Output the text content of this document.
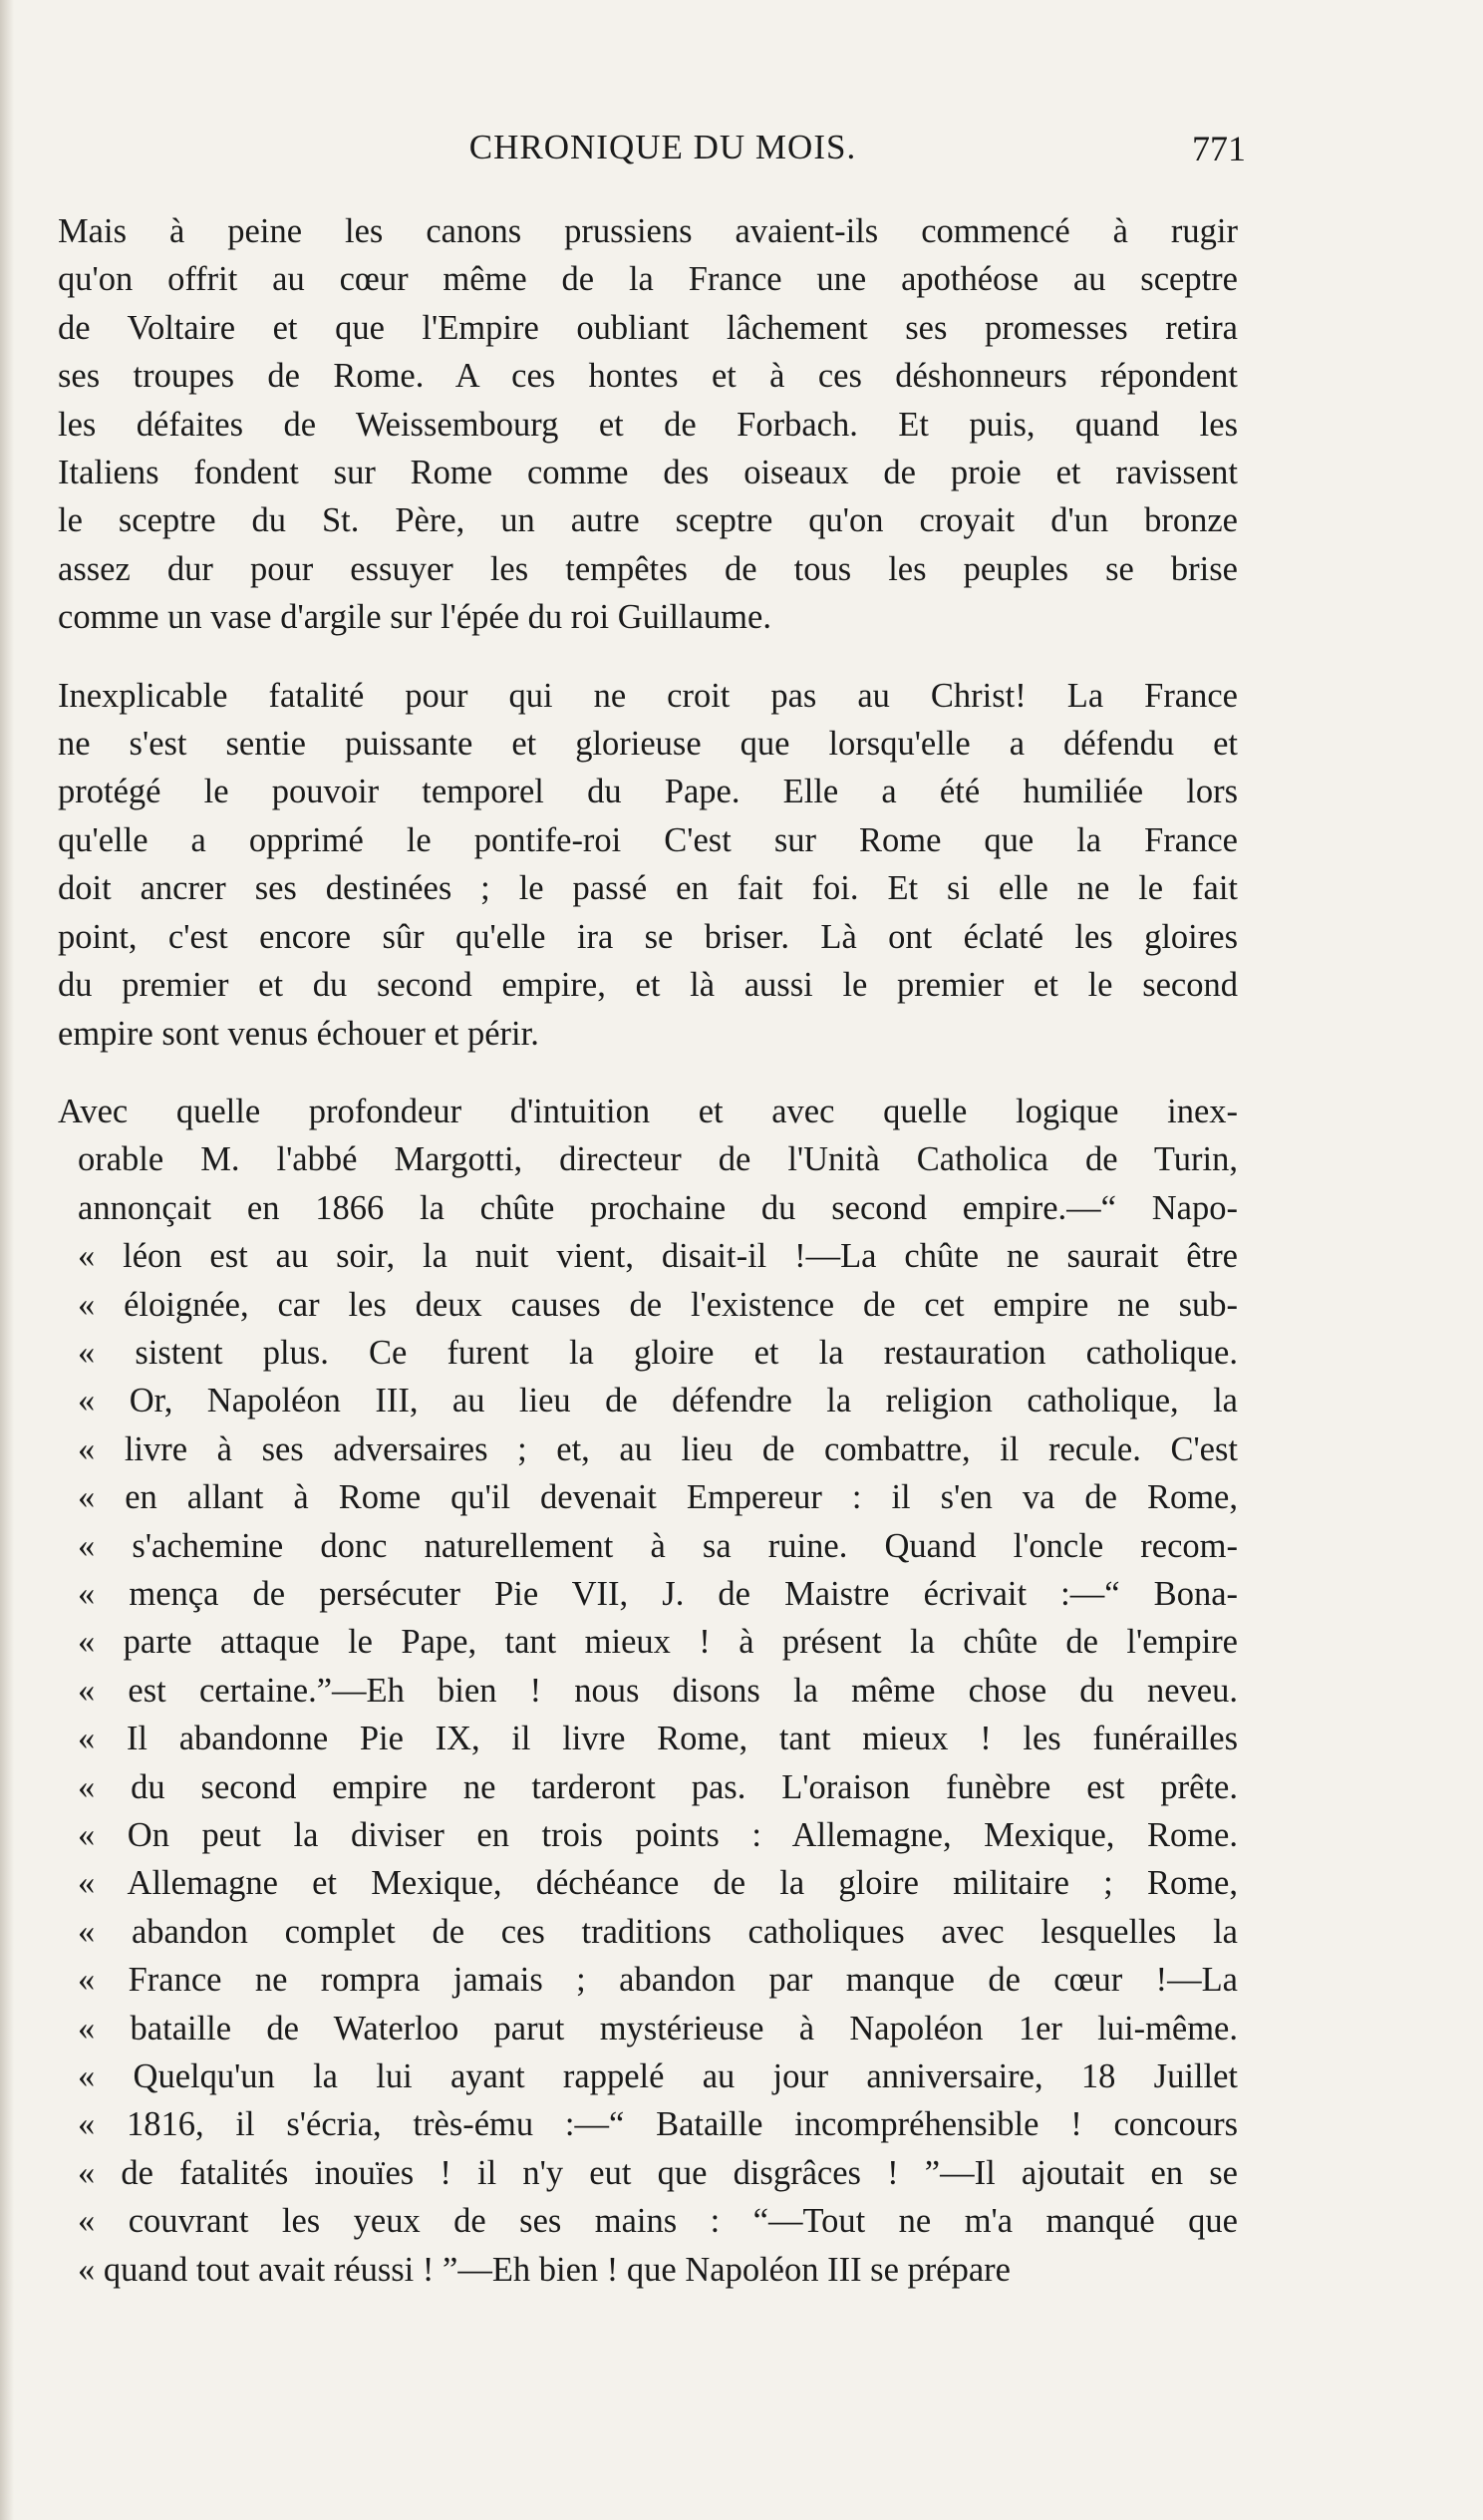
CHRONIQUE DU MOIS.	771
Mais à peine les canons prussiens avaient-ils commencé à rugir
qu'on offrit au cœur même de la France une apothéose au sceptre
de Voltaire et que l'Empire oubliant lâchement ses promesses retira
ses troupes de Rome. A ces hontes et à ces déshonneurs répondent
les défaites de Weissembourg et de Forbach. Et puis, quand les
Italiens fondent sur Rome comme des oiseaux de proie et ravissent
le sceptre du St. Père, un autre sceptre qu'on croyait d'un bronze
assez dur pour essuyer les tempêtes de tous les peuples se brise
comme un vase d'argile sur l'épée du roi Guillaume.
Inexplicable fatalité pour qui ne croit pas au Christ! La France
ne s'est sentie puissante et glorieuse que lorsqu'elle a défendu et
protégé le pouvoir temporel du Pape. Elle a été humiliée lors
qu'elle a opprimé le pontife-roi C'est sur Rome que la France
doit ancrer ses destinées ; le passé en fait foi. Et si elle ne le fait
point, c'est encore sûr qu'elle ira se briser. Là ont éclaté les gloires
du premier et du second empire, et là aussi le premier et le second
empire sont venus échouer et périr.
Avec quelle profondeur d'intuition et avec quelle logique inex-
orable M. l'abbé Margotti, directeur de l'Unità Catholica de Turin,
annonçait en 1866 la chûte prochaine du second empire.—“ Napo-
« léon est au soir, la nuit vient, disait-il !—La chûte ne saurait être
« éloignée, car les deux causes de l'existence de cet empire ne sub-
« sistent plus. Ce furent la gloire et la restauration catholique.
« Or, Napoléon III, au lieu de défendre la religion catholique, la
« livre à ses adversaires ; et, au lieu de combattre, il recule. C'est
« en allant à Rome qu'il devenait Empereur : il s'en va de Rome,
« s'achemine donc naturellement à sa ruine. Quand l'oncle recom-
« mença de persécuter Pie VII, J. de Maistre écrivait :—“ Bona-
« parte attaque le Pape, tant mieux ! à présent la chûte de l'empire
« est certaine.”—Eh bien ! nous disons la même chose du neveu.
« Il abandonne Pie IX, il livre Rome, tant mieux ! les funérailles
« du second empire ne tarderont pas. L'oraison funèbre est prête.
« On peut la diviser en trois points : Allemagne, Mexique, Rome.
« Allemagne et Mexique, déchéance de la gloire militaire ; Rome,
« abandon complet de ces traditions catholiques avec lesquelles la
« France ne rompra jamais ; abandon par manque de cœur !—La
« bataille de Waterloo parut mystérieuse à Napoléon 1er lui-même.
« Quelqu'un la lui ayant rappelé au jour anniversaire, 18 Juillet
« 1816, il s'écria, très-ému :—“ Bataille incompréhensible ! concours
« de fatalités inouïes ! il n'y eut que disgrâces ! ”—Il ajoutait en se
« couvrant les yeux de ses mains : “—Tout ne m'a manqué que
« quand tout avait réussi ! ”—Eh bien ! que Napoléon III se prépare
